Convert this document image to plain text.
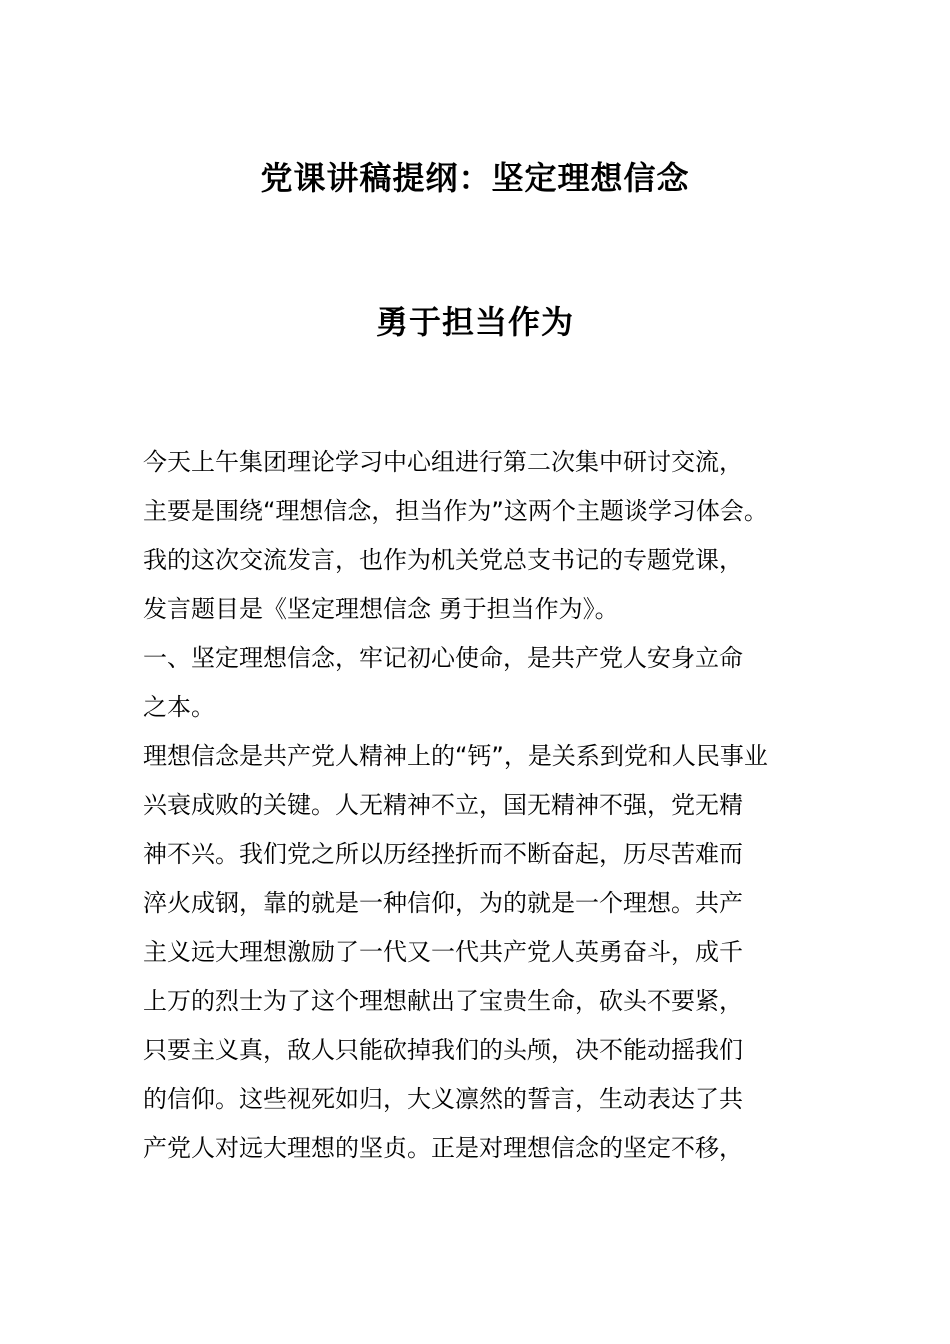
党课讲稿提纲：坚定理想信念
勇于担当作为
今天上午集团理论学习中心组进行第二次集中研讨交流，
主要是围绕“理想信念，担当作为”这两个主题谈学习体会。
我的这次交流发言，也作为机关党总支书记的专题党课，
发言题目是《坚定理想信念 勇于担当作为》。
一、坚定理想信念，牢记初心使命，是共产党人安身立命
之本。
理想信念是共产党人精神上的“钙”，是关系到党和人民事业
兴衰成败的关键。人无精神不立，国无精神不强，党无精
神不兴。我们党之所以历经挫折而不断奋起，历尽苦难而
淬火成钢，靠的就是一种信仰，为的就是一个理想。共产
主义远大理想激励了一代又一代共产党人英勇奋斗，成千
上万的烈士为了这个理想献出了宝贵生命，砍头不要紧，
只要主义真，敌人只能砍掉我们的头颅，决不能动摇我们
的信仰。这些视死如归，大义凛然的誓言，生动表达了共
产党人对远大理想的坚贞。正是对理想信念的坚定不移，
